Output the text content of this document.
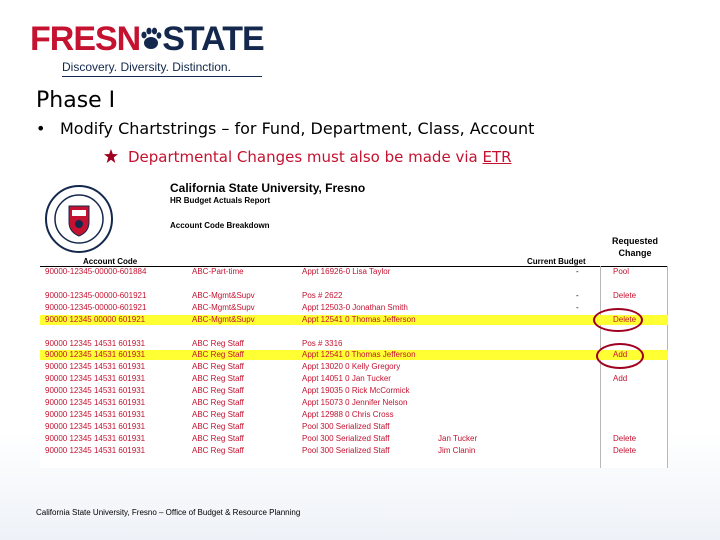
FRESN STATE
Discovery. Diversity. Distinction.
Phase I
• Modify Chartstrings – for Fund, Department, Class, Account
Departmental Changes must also be made via ETR
California State University, Fresno
HR Budget Actuals Report
Account Code Breakdown
Account Code	Current Budget
Requested Change
90000-12345-00000-601884	ABC-Part-time	Appt 16926-0 Lisa Taylor	-	Pool
90000-12345-00000-601921	ABC-Mgmt&Supv	Pos # 2622	-	Delete
90000-12345-00000-601921	ABC-Mgmt&Supv	Appt 12503-0 Jonathan Smith	-
90000 12345 00000 601921	ABC-Mgmt&Supv	Appt 12541 0 Thomas Jefferson	Delete
90000 12345 14531 601931	ABC Reg Staff	Pos # 3316
90000 12345 14531 601931	ABC Reg Staff	Appt 12541 0 Thomas Jefferson	Add
90000 12345 14531 601931	ABC Reg Staff	Appt 13020 0 Kelly Gregory
90000 12345 14531 601931	ABC Reg Staff	Appt 14051 0 Jan Tucker	Add
90000 12345 14531 601931	ABC Reg Staff	Appt 19035 0 Rick McCormick
90000 12345 14531 601931	ABC Reg Staff	Appt 15073 0 Jennifer Nelson
90000 12345 14531 601931	ABC Reg Staff	Appt 12988 0 Chris Cross
90000 12345 14531 601931	ABC Reg Staff	Pool 300 Serialized Staff
90000 12345 14531 601931	ABC Reg Staff	Pool 300 Serialized Staff	Jan Tucker	Delete
90000 12345 14531 601931	ABC Reg Staff	Pool 300 Serialized Staff	Jim Clanin	Delete
California State University, Fresno – Office of Budget & Resource Planning
